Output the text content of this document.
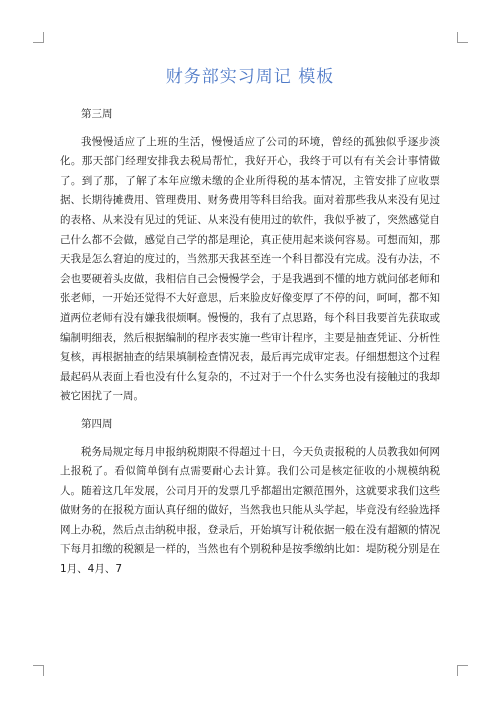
财务部实习周记 模板

第三周

我慢慢适应了上班的生活，慢慢适应了公司的环境，曾经的孤独似乎逐步淡化。那天部门经理安排我去税局帮忙，我好开心，我终于可以有有关会计事情做了。到了那，了解了本年应缴未缴的企业所得税的基本情况，主管安排了应收票据、长期待摊费用、管理费用、财务费用等科目给我。面对着那些我从来没有见过的表格、从来没有见过的凭证、从来没有使用过的软件，我似乎被了，突然感觉自己什么都不会做，感觉自己学的都是理论，真正使用起来谈何容易。可想而知，那天我是怎么窘迫的度过的，当然那天我甚至连一个科目都没有完成。没有办法，不会也要硬着头皮做，我相信自己会慢慢学会，于是我遇到不懂的地方就问邰老师和张老师，一开始还觉得不大好意思，后来脸皮好像变厚了不停的问，呵呵，都不知道两位老师有没有嫌我很烦啊。慢慢的，我有了点思路，每个科目我要首先获取或编制明细表，然后根据编制的程序表实施一些审计程序，主要是抽查凭证、分析性复核，再根据抽查的结果填制检查情况表，最后再完成审定表。仔细想想这个过程最起码从表面上看也没有什么复杂的，不过对于一个什么实务也没有接触过的我却被它困扰了一周。

第四周

税务局规定每月申报纳税期限不得超过十日，今天负责报税的人员教我如何网上报税了。看似简单倒有点需要耐心去计算。我们公司是核定征收的小规模纳税人。随着这几年发展，公司月开的发票几乎都超出定额范围外，这就要求我们这些做财务的在报税方面认真仔细的做好，当然我也只能从头学起，毕竟没有经验选择网上办税，然后点击纳税申报，登录后，开始填写计税依据一般在没有超额的情况下每月扣缴的税额是一样的，当然也有个别税种是按季缴纳比如：堤防税分别是在 1月、4月、7
